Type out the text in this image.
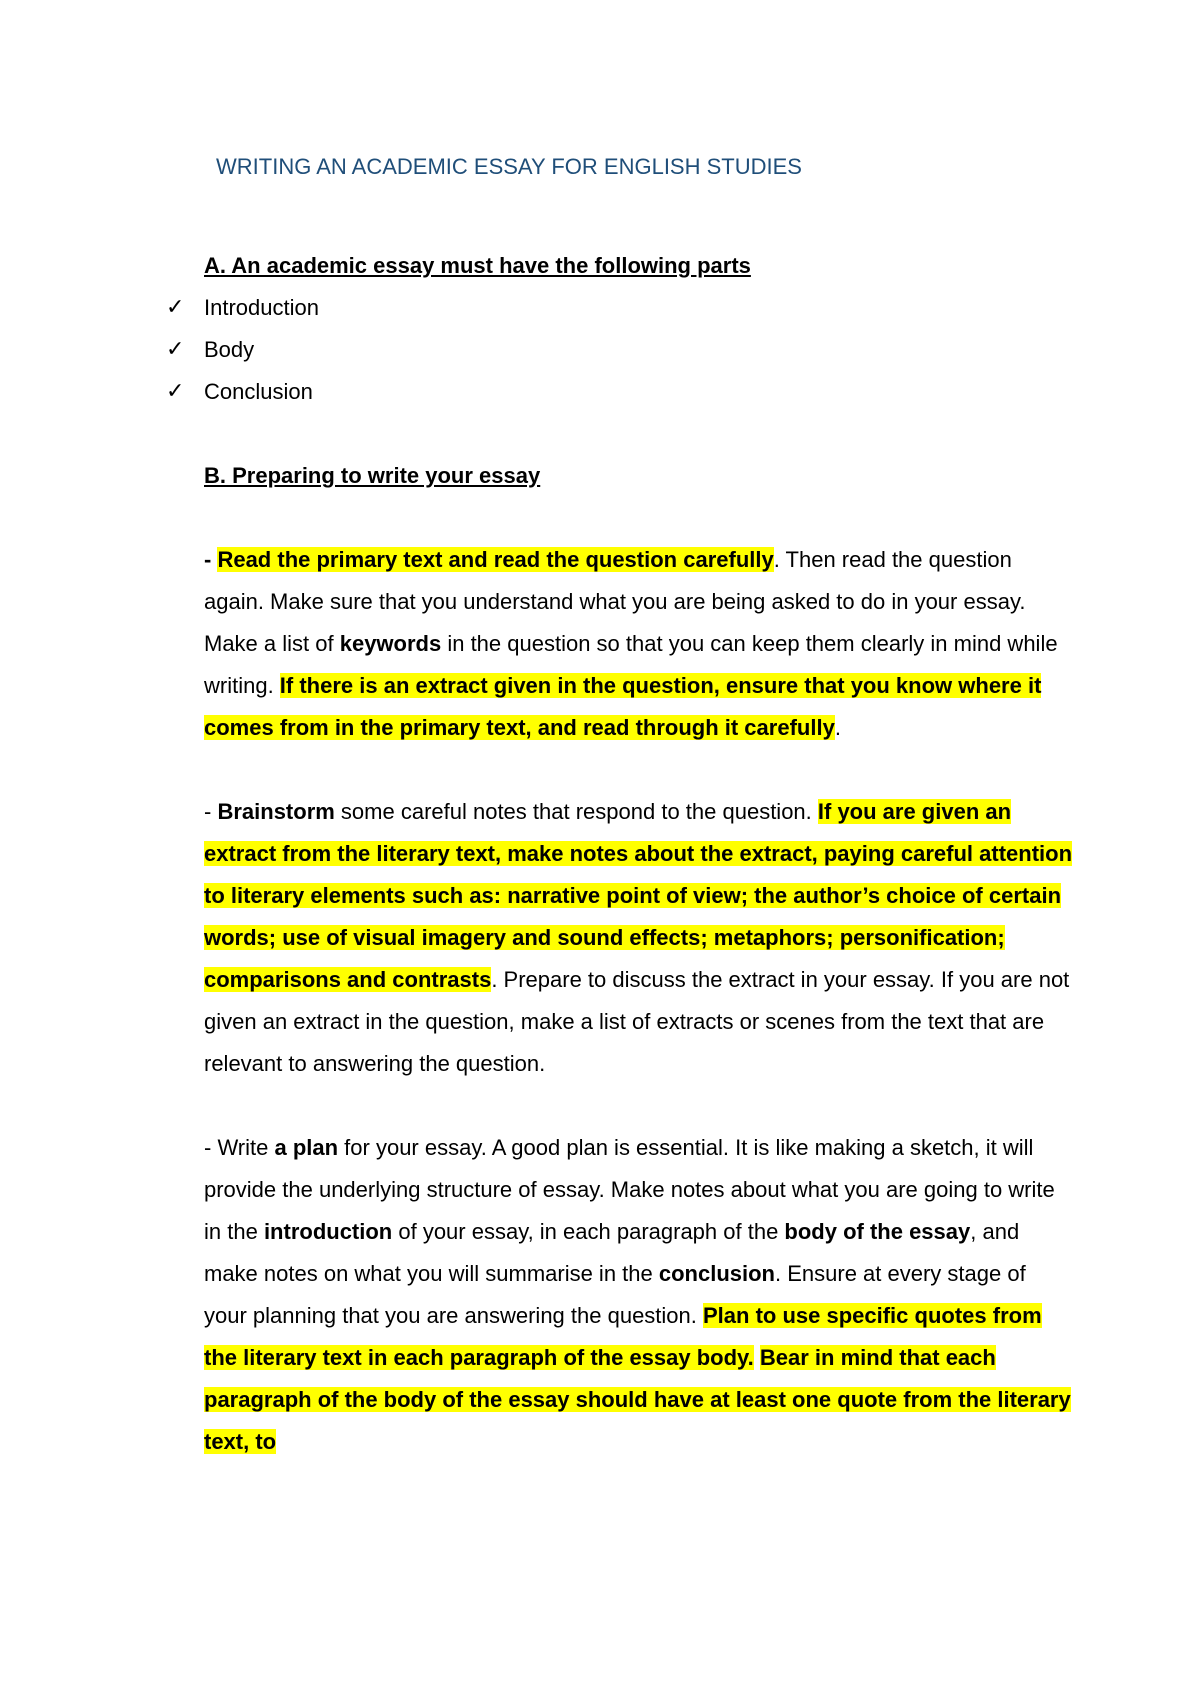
WRITING AN ACADEMIC ESSAY FOR ENGLISH STUDIES

A. An academic essay must have the following parts

✓ Introduction
✓ Body
✓ Conclusion

B. Preparing to write your essay

- Read the primary text and read the question carefully. Then read the question again. Make sure that you understand what you are being asked to do in your essay. Make a list of keywords in the question so that you can keep them clearly in mind while writing. If there is an extract given in the question, ensure that you know where it comes from in the primary text, and read through it carefully.

- Brainstorm some careful notes that respond to the question. If you are given an extract from the literary text, make notes about the extract, paying careful attention to literary elements such as: narrative point of view; the author’s choice of certain words; use of visual imagery and sound effects; metaphors; personification; comparisons and contrasts. Prepare to discuss the extract in your essay. If you are not given an extract in the question, make a list of extracts or scenes from the text that are relevant to answering the question.

- Write a plan for your essay. A good plan is essential. It is like making a sketch, it will provide the underlying structure of essay. Make notes about what you are going to write in the introduction of your essay, in each paragraph of the body of the essay, and make notes on what you will summarise in the conclusion. Ensure at every stage of your planning that you are answering the question. Plan to use specific quotes from the literary text in each paragraph of the essay body. Bear in mind that each paragraph of the body of the essay should have at least one quote from the literary text, to
